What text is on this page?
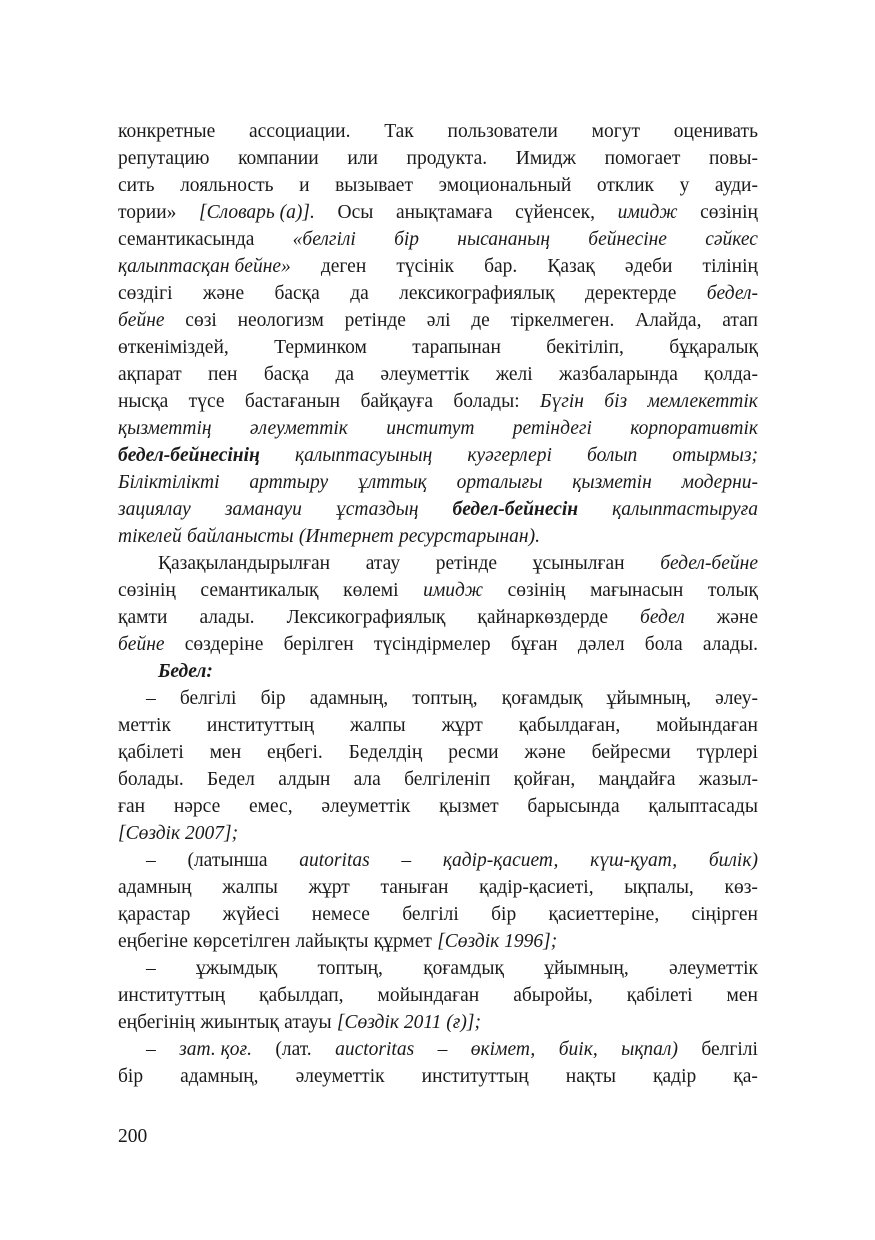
конкретные ассоциации. Так пользователи могут оценивать
репутацию компании или продукта. Имидж помогает повы-
сить лояльность и вызывает эмоциональный отклик у ауди-
тории» [Словарь (а)]. Осы анықтамаға сүйенсек, имидж сөзінің
семантикасында «белгілі бір нысананың бейнесіне сәйкес
қалыптасқан бейне» деген түсінік бар. Қазақ әдеби тілінің
сөздігі және басқа да лексикографиялық деректерде бедел-
бейне сөзі неологизм ретінде әлі де тіркелмеген. Алайда, атап
өткеніміздей, Терминком тарапынан бекітіліп, бұқаралық
ақпарат пен басқа да әлеуметтік желі жазбаларында қолда-
нысқа түсе бастағанын байқауға болады: Бүгін біз мемлекеттік
қызметтің әлеуметтік институт ретіндегі корпоративтік
бедел-бейнесінің қалыптасуының куәгерлері болып отырмыз;
Біліктілікті арттыру ұлттық орталығы қызметін модерни-
зациялау заманауи ұстаздың бедел-бейнесін қалыптастыруға
тікелей байланысты (Интернет ресурстарынан).
Қазақыландырылған атау ретінде ұсынылған бедел-бейне
сөзінің семантикалық көлемі имидж сөзінің мағынасын толық
қамти алады. Лексикографиялық қайнаркөздерде бедел және
бейне сөздеріне берілген түсіндірмелер бұған дәлел бола алады.
Бедел:
– белгілі бір адамның, топтың, қоғамдық ұйымның, әлеу-
меттік институттың жалпы жұрт қабылдаған, мойындаған
қабілеті мен еңбегі. Беделдің ресми және бейресми түрлері
болады. Бедел алдын ала белгіленіп қойған, маңдайға жазыл-
ған нәрсе емес, әлеуметтік қызмет барысында қалыптасады
[Сөздік 2007];
– (латынша autoritas – қадір-қасиет, күш-қуат, билік)
адамның жалпы жұрт таныған қадір-қасиеті, ықпалы, көз-
қарастар жүйесі немесе белгілі бір қасиеттеріне, сіңірген
еңбегіне көрсетілген лайықты құрмет [Сөздік 1996];
– ұжымдық топтың, қоғамдық ұйымның, әлеуметтік
институттың қабылдап, мойындаған абыройы, қабілеті мен
еңбегінің жиынтық атауы [Сөздік 2011 (ғ)];
– зат. қоғ. (лат. auctoritas – өкімет, биік, ықпал) белгілі
бір адамның, әлеуметтік институттың нақты қадір қа-
200
